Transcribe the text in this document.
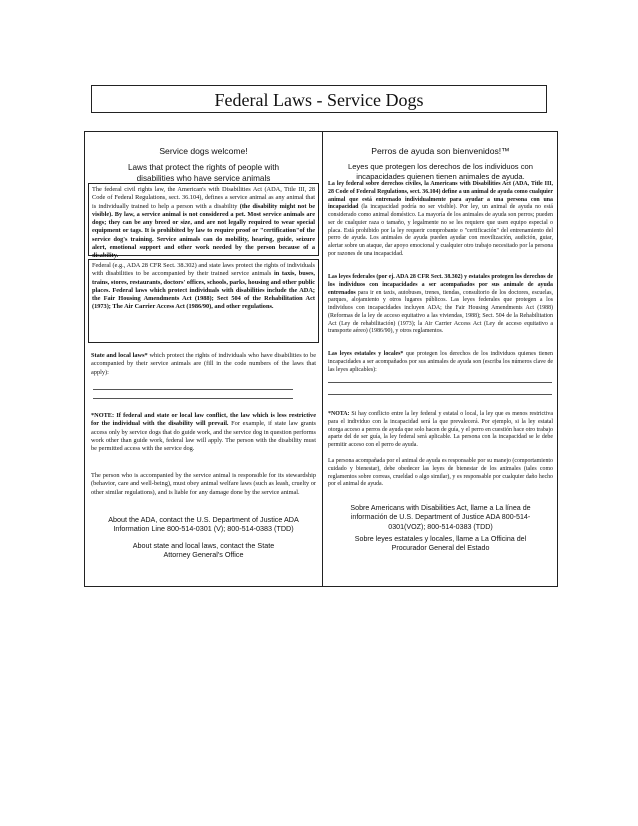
Federal Laws - Service Dogs

Service dogs welcome!

Laws that protect the rights of people with disabilities who have service animals

The federal civil rights law, the American's with Disabilities Act (ADA, Title III, 28 Code of Federal Regulations, sect. 36.104), defines a service animal as any animal that is individually trained to help a person with a disability (the disability might not be visible). By law, a service animal is not considered a pet. Most service animals are dogs; they can be any breed or size, and are not legally required to wear special equipment or tags. It is prohibited by law to require proof or "certification"of the service dog's training. Service animals can do mobility, hearing, guide, seizure alert, emotional support and other work needed by the person because of a disability.
Federal (e.g., ADA 28 CFR Sect. 38.302) and state laws protect the rights of individuals with disabilities to be accompanied by their trained service animals in taxis, buses, trains, stores, restaurants, doctors' offices, schools, parks, housing and other public places. Federal laws which protect individuals with disabilities include the ADA; the Fair Housing Amendments Act (1988); Sect 504 of the Rehabilitation Act (1973); The Air Carrier Access Act (1986/90), and other regulations.
State and local laws* which protect the rights of individuals who have disabilities to be accompanied by their service animals are (fill in the code numbers of the laws that apply):
*NOTE: If federal and state or local law conflict, the law which is less restrictive for the individual with the disability will prevail. For example, if state law grants access only by service dogs that do guide work, and the service dog in question performs work other than guide work, federal law will apply. The person with the disability must be permitted access with the service dog.
The person who is accompanied by the service animal is responsible for its stewardship (behavior, care and well-being), must obey animal welfare laws (such as leash, cruelty or other similar regulations), and is liable for any damage done by the service animal.
About the ADA, contact the U.S. Department of Justice ADA Information Line 800-514-0301 (V); 800-514-0383 (TDD)
About state and local laws, contact the State Attorney General's Office

Perros de ayuda son bienvenidos!™

Leyes que protegen los derechos de los individuos con incapacidades quienen tienen animales de ayuda.

La ley federal sobre derechos civiles, la Americans with Disabilities Act (ADA, Title III, 28 Code of Federal Regulations, sect. 36.104) define a un animal de ayuda como cualquier animal que está entrenado individualmente para ayudar a una persona con una incapacidad (la incapacidad podría no ser visible). Por ley, un animal de ayuda no está considerado como animal doméstico. La mayoría de los animales de ayuda son perros; pueden ser de cualquier raza o tamaño, y legalmente no se les requiere que usen equipo especial o placa. Está prohibido por la ley requerir comprobante o "certificación" del entrenamiento del perro de ayuda. Los animales de ayuda pueden ayudar con movilización, audición, guiar, alertar sobre un ataque, dar apoyo emocional y cualquier otro trabajo necesitado por la persona por razones de una incapacidad.
Las leyes federales (por ej. ADA 28 CFR Sect. 38.302) y estatales protegen los derechos de los individuos con incapacidades a ser acompañados por sus animale de ayuda entrenados para ir en taxis, autobuses, trenes, tiendas, consultorio de los doctores, escuelas, parques, alojamiento y otros lugares públicos. Las leyes federales que protegen a los individuos con incapacidades incluyen ADA; the Fair Housing Amendments Act (1988) (Reformas de la ley de acceso equitativo a las viviendas, 1988); Sect. 504 de la Rehabilitation Act (Ley de rehabilitación) (1973); la Air Carrier Access Act (Ley de acceso equitativo a transporte aéreo) (1986/90), y otros reglamentos.
Las leyes estatales y locales* que protegen los derechos de los individuos quienes tienen incapacidades a ser acompañados por sus animales de ayuda son (escriba los números clave de las leyes aplicables):
*NOTA: Si hay conflicto entre la ley federal y estatal o local, la ley que es menos restrictiva para el individuo con la incapacidad será la que prevalecerá. Por ejemplo, si la ley estatal otorga acceso a perros de ayuda que solo hacen de guía, y el perro en cuestión hace otro trabajo aparte del de ser guía, la ley federal será aplicable. La persona con la incapacidad se le debe permitir acceso con el perro de ayuda.
La persona acompañada por el animal de ayuda es responsable por su manejo (comportamiento cuidado y bienestar), debe obedecer las leyes de bienestar de los animales (tales como reglamentos sobre correas, crueldad o algo similar), y es responsable por cualquier daño hecho por el animal de ayuda.
Sobre Americans with Disabilities Act, llame a La línea de información de U.S. Department of Justice ADA 800-514-0301(VOZ); 800-514-0383 (TDD)
Sobre leyes estatales y locales, llame a La Officina del Procurador General del Estado
